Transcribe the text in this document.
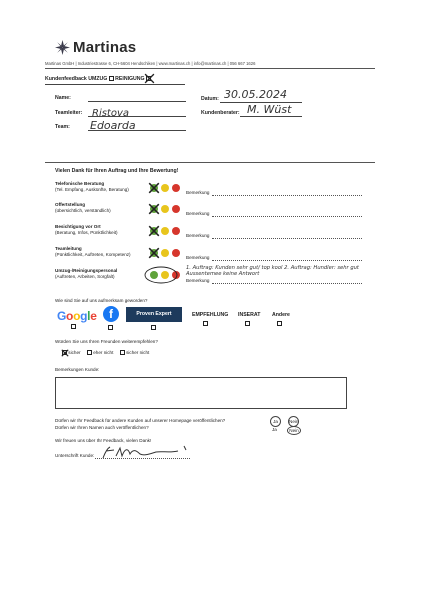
Martinas
Martinas GmbH | Industriestrasse 6, CH-5604 Hendschiken | www.martinas.ch | info@martinas.ch | 056 667 1626
Kundenfeedback UMZUG REINIGUNG
Name:
Teamleiter: Ristova
Team: Edoarda
Datum: 30.05.2024
Kundenberater: M. Wüst
Vielen Dank für Ihren Auftrag und Ihre Bewertung!
Telefonische Beratung
(Tel. Empfang, Auskünfte, Beratung)
Bemerkung
Offertstellung
(übersichtlich, verständlich)
Bemerkung
Besichtigung vor Ort
(Beratung, Infos, Pünktlichkeit)
Bemerkung
Teamleitung
(Pünktlichkeit, Auftreten, Kompetenz)
Bemerkung
Umzug-/Reinigungspersonal
(Auftreten, Arbeiten, Sorgfalt)
Bemerkung
1. Auftrag: Kunden sehr gut/ top kool 2. Auftrag: Hundler: sehr gut Aussentemee keine Antwort
Wie sind Sie auf uns aufmerksam geworden?
Google	f	Proven Expert	EMPFEHLUNG INSERAT Andere
Würden Sie uns Ihren Freunden weiterempfehlen?
sicher	eher nicht	sicher nicht
Bemerkungen Kunde:
Dürfen wir Ihr Feedback für andere Kunden auf unserer Homepage veröffentlichen?
Dürfen wir Ihren Namen auch veröffentlichen?
Ja	Nein
Ja	Nein
Wir freuen uns über Ihr Feedback, vielen Dank!
Unterschrift Kunde:
